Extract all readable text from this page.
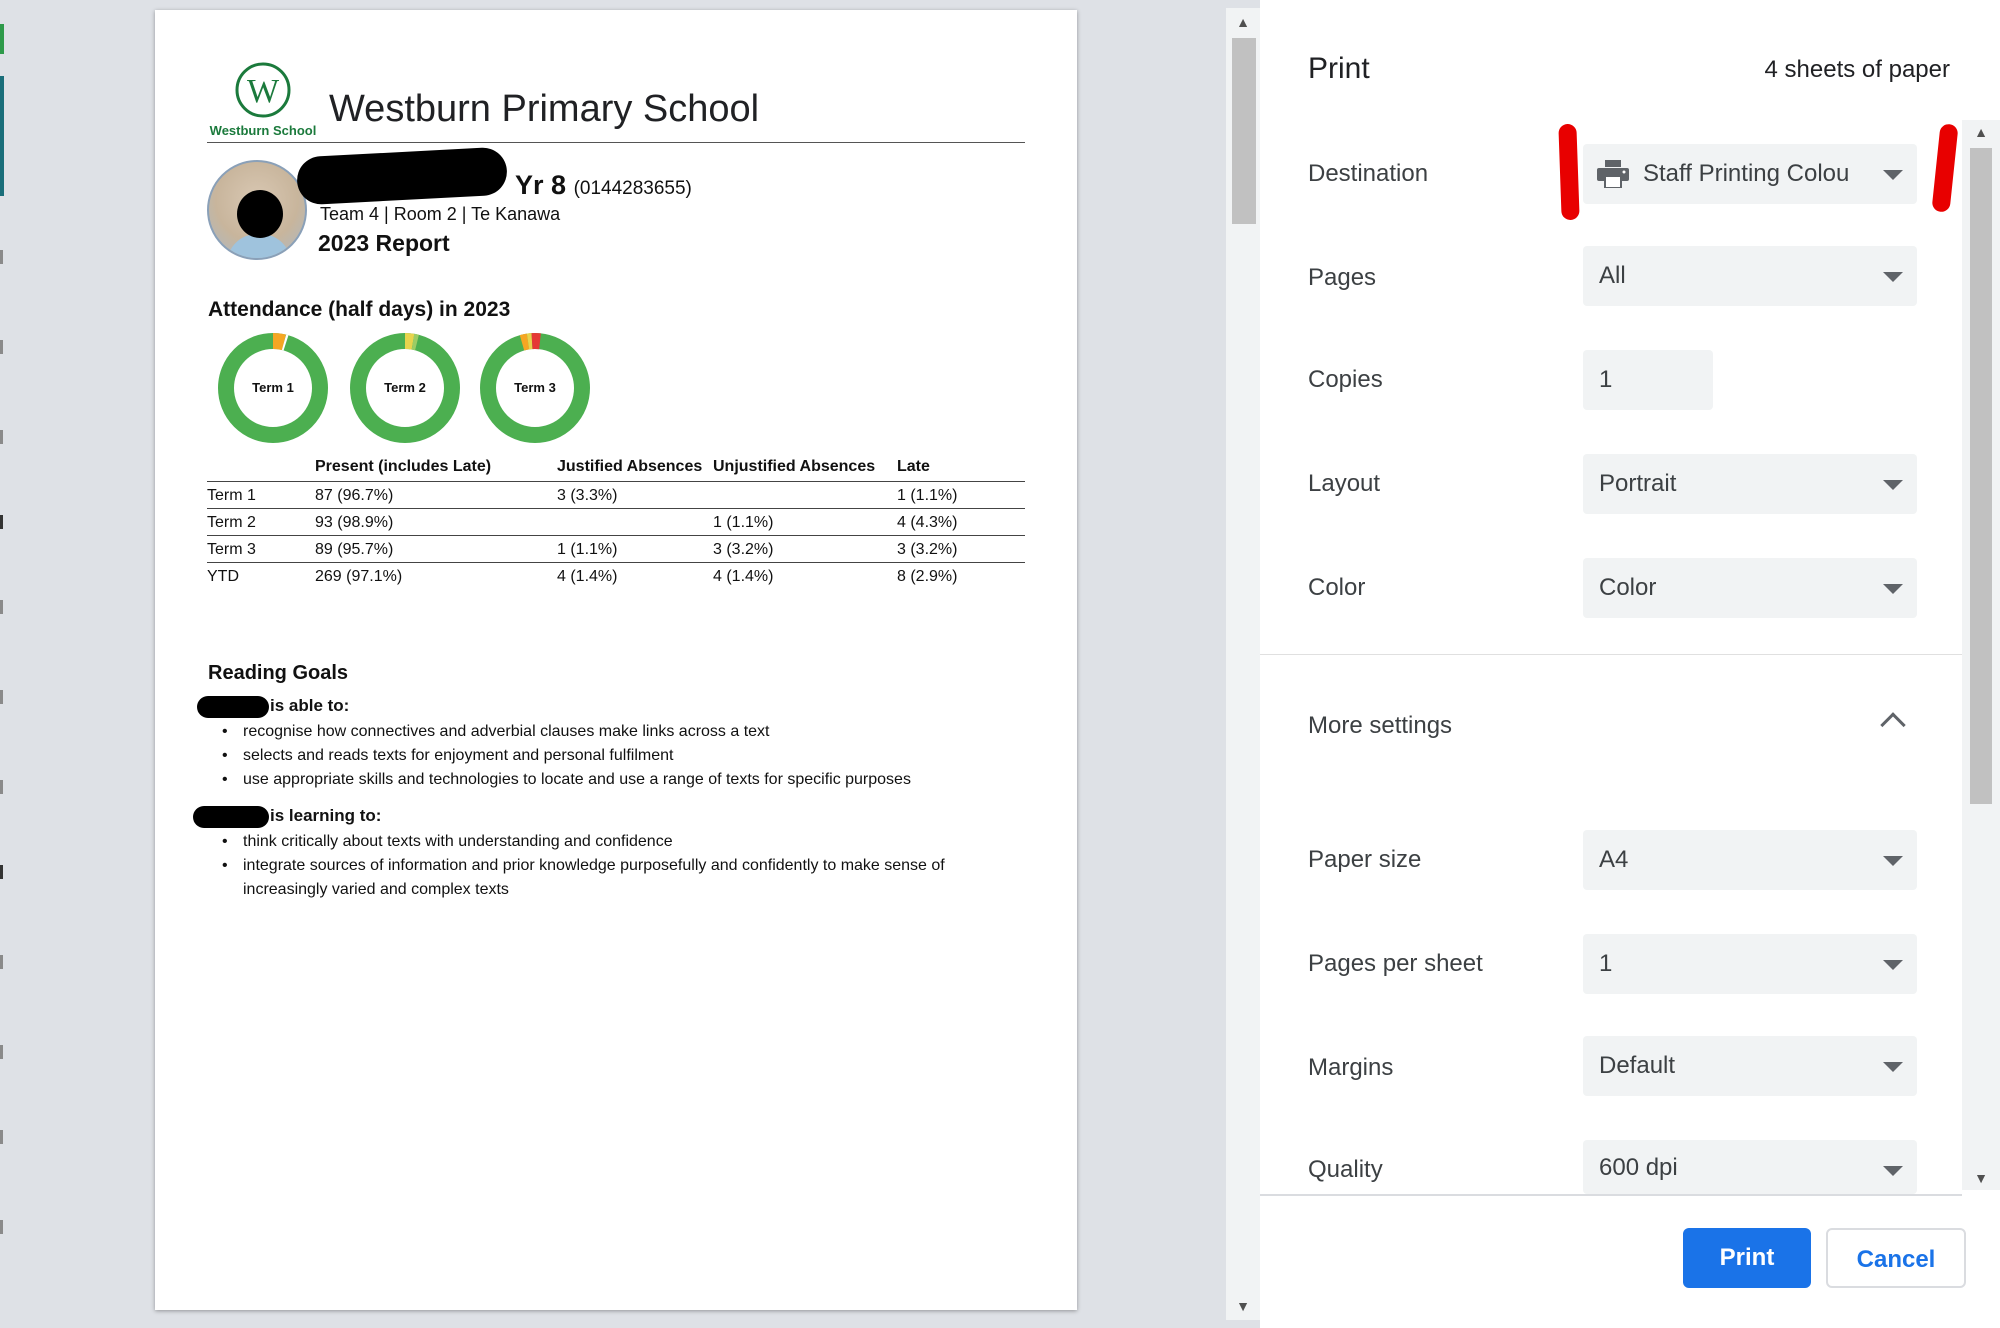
W
Westburn School
Westburn Primary School
Yr 8 (0144283655)
Team 4 | Room 2 | Te Kanawa
2023 Report
Attendance (half days) in 2023
Term 1	Term 2	Term 3
	Present (includes Late)	Justified Absences	Unjustified Absences	Late
Term 1	87 (96.7%)	3 (3.3%)		1 (1.1%)
Term 2	93 (98.9%)		1 (1.1%)	4 (4.3%)
Term 3	89 (95.7%)	1 (1.1%)	3 (3.2%)	3 (3.2%)
YTD	269 (97.1%)	4 (1.4%)	4 (1.4%)	8 (2.9%)
Reading Goals
is able to:
• recognise how connectives and adverbial clauses make links across a text
• selects and reads texts for enjoyment and personal fulfilment
• use appropriate skills and technologies to locate and use a range of texts for specific purposes
is learning to:
• think critically about texts with understanding and confidence
• integrate sources of information and prior knowledge purposefully and confidently to make sense of increasingly varied and complex texts
▲
▼
Print	4 sheets of paper
Destination	Staff Printing Colou
Pages	All
Copies	1
Layout	Portrait
Color	Color
More settings
Paper size	A4
Pages per sheet	1
Margins	Default
Quality	600 dpi
Print	Cancel
▲
▼
